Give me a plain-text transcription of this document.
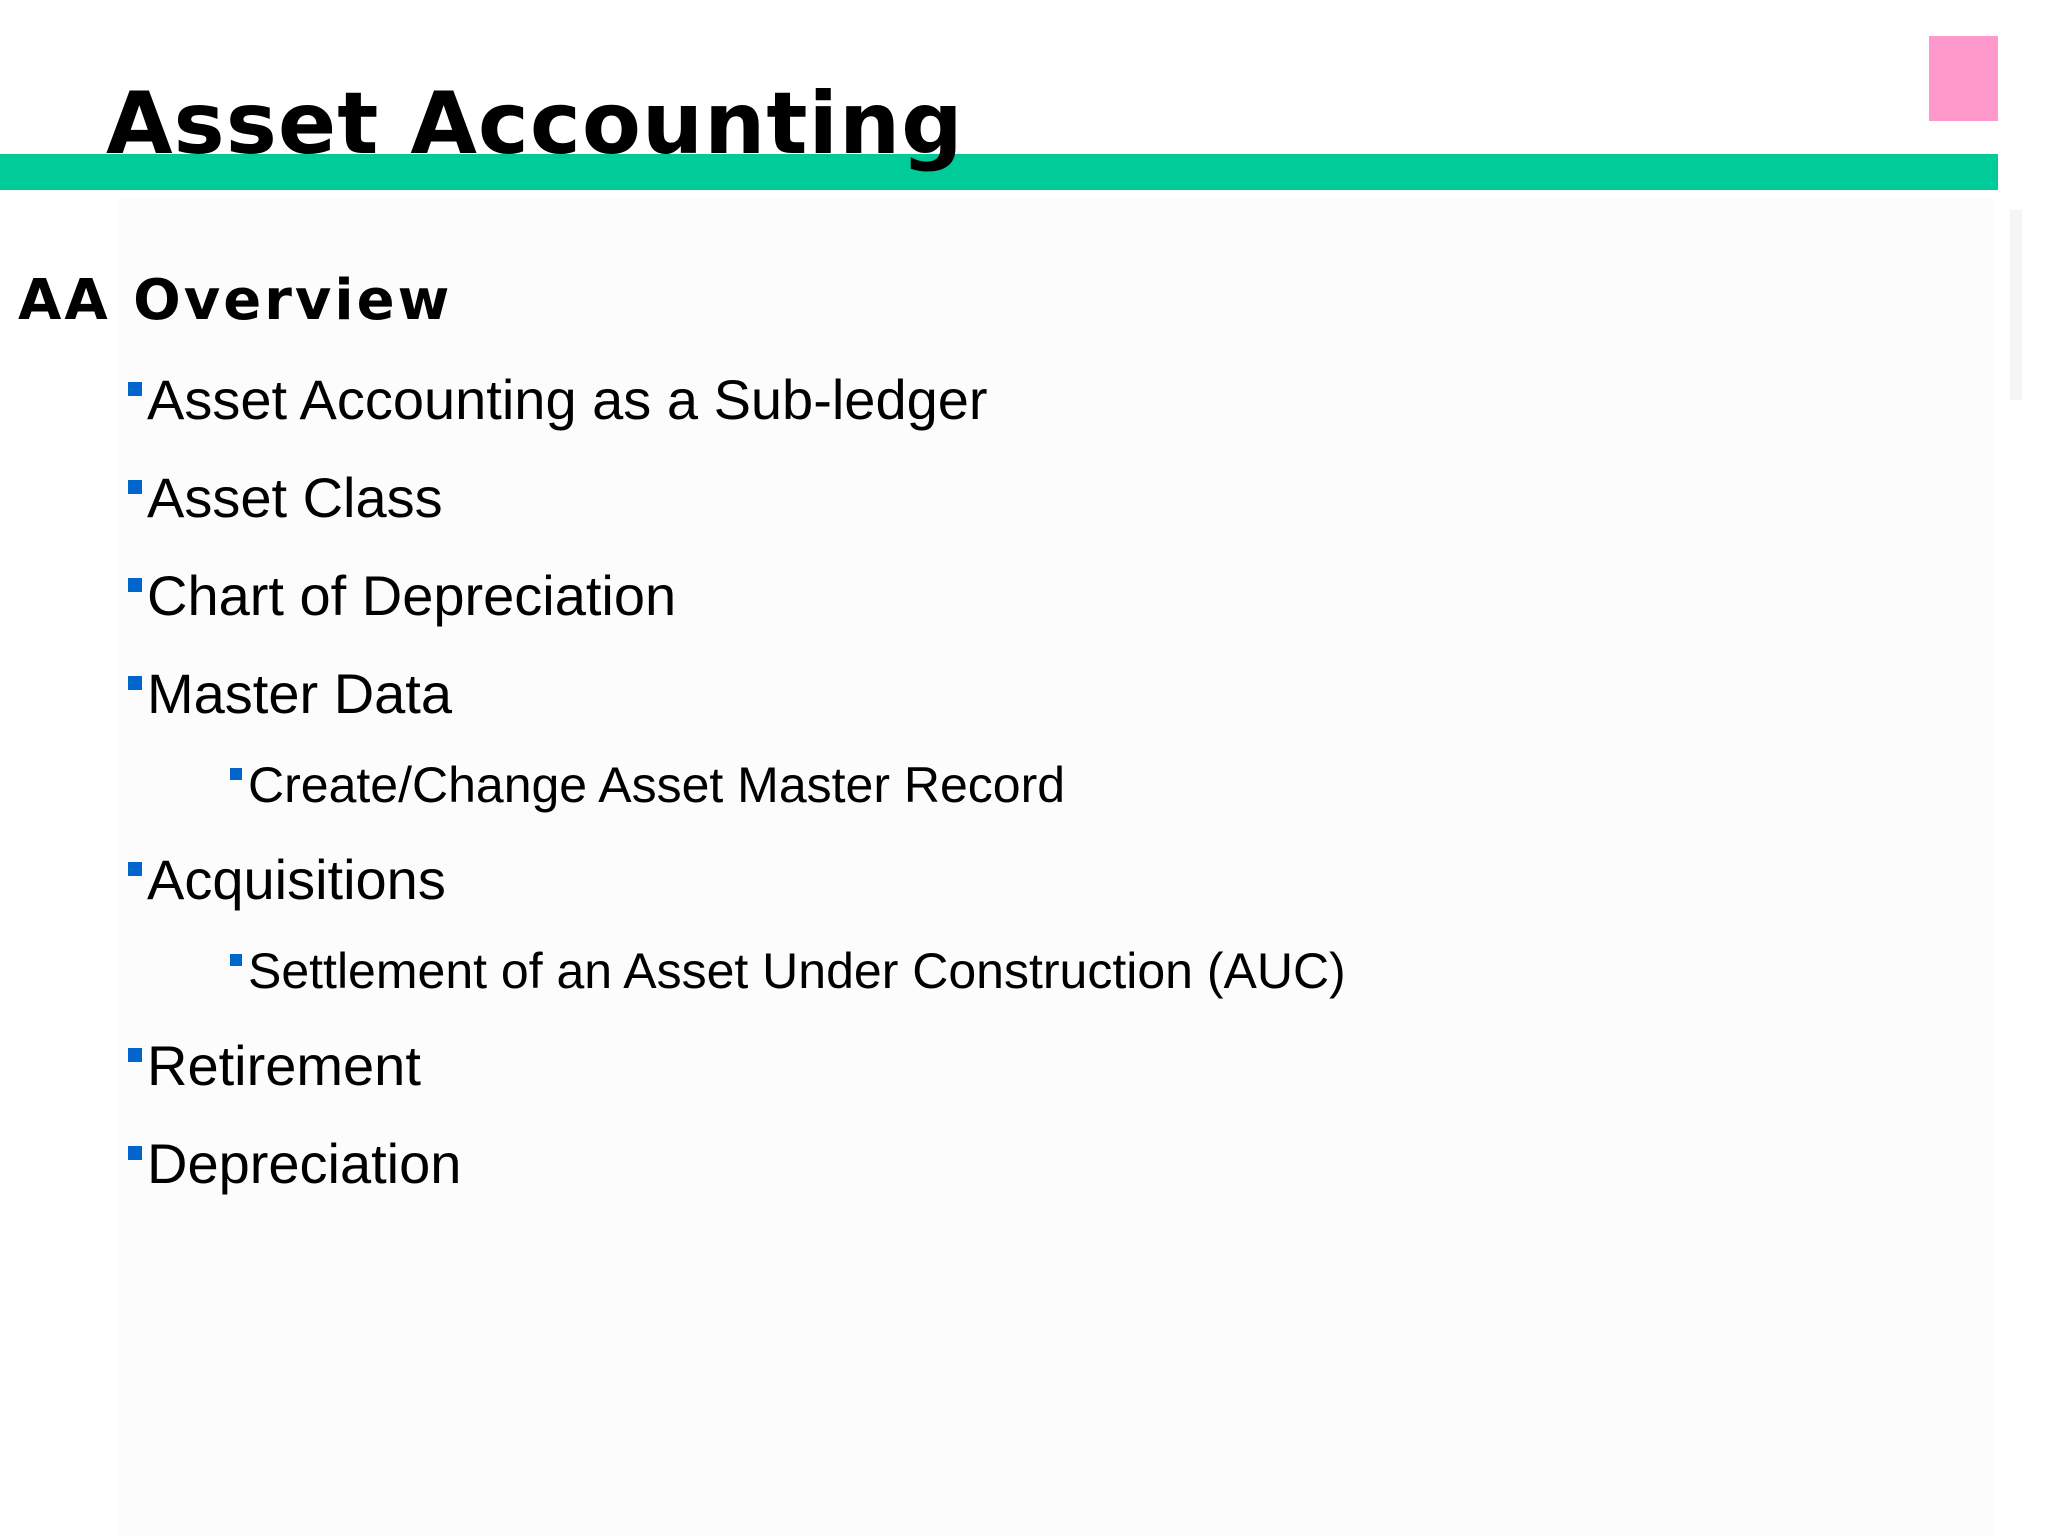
Asset Accounting
AA Overview
Asset Accounting as a Sub-ledger
Asset Class
Chart of Depreciation
Master Data
Create/Change Asset Master Record
Acquisitions
Settlement of an Asset Under Construction (AUC)
Retirement
Depreciation
